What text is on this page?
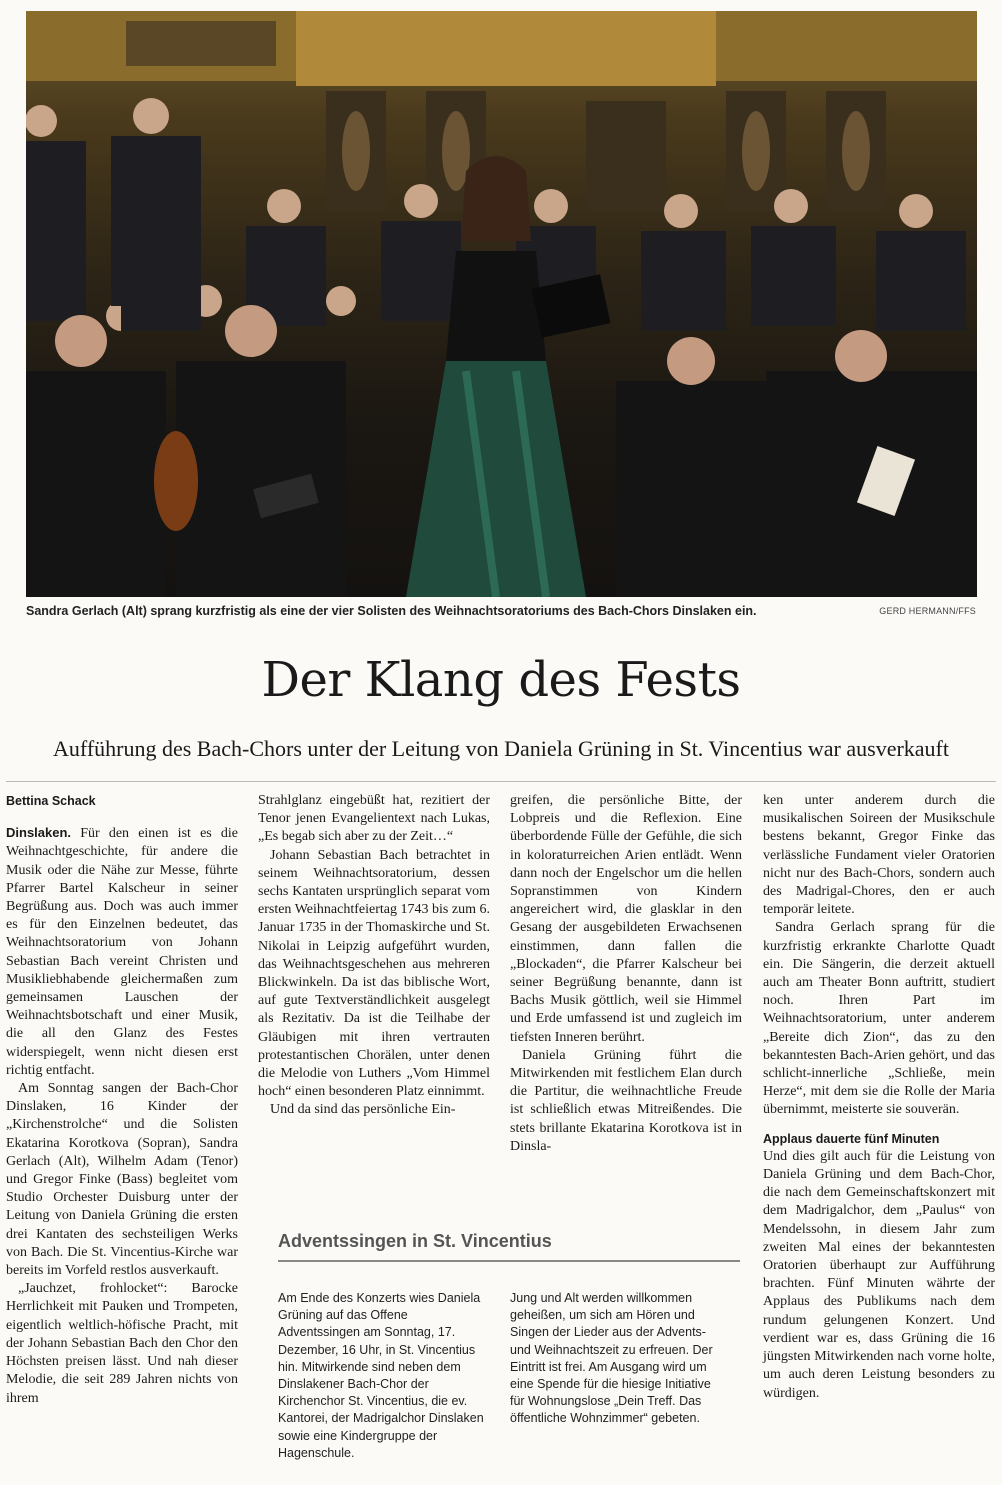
Sandra Gerlach (Alt) sprang kurzfristig als eine der vier Solisten des Weihnachtsoratoriums des Bach-Chors Dinslaken ein.	GERD HERMANN/FFS
Der Klang des Fests
Aufführung des Bach-Chors unter der Leitung von Daniela Grüning in St. Vincentius war ausverkauft
Bettina Schack

Dinslaken. Für den einen ist es die Weihnachtgeschichte, für andere die Musik oder die Nähe zur Messe, führte Pfarrer Bartel Kalscheur in seiner Begrüßung aus. Doch was auch immer es für den Einzelnen bedeutet, das Weihnachtsoratorium von Johann Sebastian Bach vereint Christen und Musikliebhabende gleichermaßen zum gemeinsamen Lauschen der Weihnachtsbotschaft und einer Musik, die all den Glanz des Festes widerspiegelt, wenn nicht diesen erst richtig entfacht.

Am Sonntag sangen der Bach-Chor Dinslaken, 16 Kinder der „Kirchenstrolche“ und die Solisten Ekatarina Korotkova (Sopran), Sandra Gerlach (Alt), Wilhelm Adam (Tenor) und Gregor Finke (Bass) begleitet vom Studio Orchester Duisburg unter der Leitung von Daniela Grüning die ersten drei Kantaten des sechsteiligen Werks von Bach. Die St. Vincentius-Kirche war bereits im Vorfeld restlos ausverkauft.

„Jauchzet, frohlocket“: Barocke Herrlichkeit mit Pauken und Trompeten, eigentlich weltlich-höfische Pracht, mit der Johann Sebastian Bach den Chor den Höchsten preisen lässt. Und nah dieser Melodie, die seit 289 Jahren nichts von ihrem

Strahlglanz eingebüßt hat, rezitiert der Tenor jenen Evangelientext nach Lukas, „Es begab sich aber zu der Zeit…“

Johann Sebastian Bach betrachtet in seinem Weihnachtsoratorium, dessen sechs Kantaten ursprünglich separat vom ersten Weihnachtfeiertag 1743 bis zum 6. Januar 1735 in der Thomaskirche und St. Nikolai in Leipzig aufgeführt wurden, das Weihnachtsgeschehen aus mehreren Blickwinkeln. Da ist das biblische Wort, auf gute Textverständlichkeit ausgelegt als Rezitativ. Da ist die Teilhabe der Gläubigen mit ihren vertrauten protestantischen Chorälen, unter denen die Melodie von Luthers „Vom Himmel hoch“ einen besonderen Platz einnimmt.

Und da sind das persönliche Ein-

greifen, die persönliche Bitte, der Lobpreis und die Reflexion. Eine überbordende Fülle der Gefühle, die sich in koloraturreichen Arien entlädt. Wenn dann noch der Engelschor um die hellen Sopranstimmen von Kindern angereichert wird, die glasklar in den Gesang der ausgebildeten Erwachsenen einstimmen, dann fallen die „Blockaden“, die Pfarrer Kalscheur bei seiner Begrüßung benannte, dann ist Bachs Musik göttlich, weil sie Himmel und Erde umfassend ist und zugleich im tiefsten Inneren berührt.

Daniela Grüning führt die Mitwirkenden mit festlichem Elan durch die Partitur, die weihnachtliche Freude ist schließlich etwas Mitreißendes. Die stets brillante Ekatarina Korotkova ist in Dinsla-

ken unter anderem durch die musikalischen Soireen der Musikschule bestens bekannt, Gregor Finke das verlässliche Fundament vieler Oratorien nicht nur des Bach-Chors, sondern auch des Madrigal-Chores, den er auch temporär leitete.

Sandra Gerlach sprang für die kurzfristig erkrankte Charlotte Quadt ein. Die Sängerin, die derzeit aktuell auch am Theater Bonn auftritt, studiert noch. Ihren Part im Weihnachtsoratorium, unter anderem „Bereite dich Zion“, das zu den bekanntesten Bach-Arien gehört, und das schlicht-innerliche „Schließe, mein Herze“, mit dem sie die Rolle der Maria übernimmt, meisterte sie souverän.

Applaus dauerte fünf Minuten

Und dies gilt auch für die Leistung von Daniela Grüning und dem Bach-Chor, die nach dem Gemeinschaftskonzert mit dem Madrigalchor, dem „Paulus“ von Mendelssohn, in diesem Jahr zum zweiten Mal eines der bekanntesten Oratorien überhaupt zur Aufführung brachten. Fünf Minuten währte der Applaus des Publikums nach dem rundum gelungenen Konzert. Und verdient war es, dass Grüning die 16 jüngsten Mitwirkenden nach vorne holte, um auch deren Leistung besonders zu würdigen.

Adventssingen in St. Vincentius
Am Ende des Konzerts wies Daniela Grüning auf das Offene Adventssingen am Sonntag, 17. Dezember, 16 Uhr, in St. Vincentius hin. Mitwirkende sind neben dem Dinslakener Bach-Chor der Kirchenchor St. Vincentius, die ev. Kantorei, der Madrigalchor Dinslaken sowie eine Kindergruppe der Hagenschule.
Jung und Alt werden willkommen geheißen, um sich am Hören und Singen der Lieder aus der Advents- und Weihnachtszeit zu erfreuen. Der Eintritt ist frei. Am Ausgang wird um eine Spende für die hiesige Initiative für Wohnungslose „Dein Treff. Das öffentliche Wohnzimmer“ gebeten.
